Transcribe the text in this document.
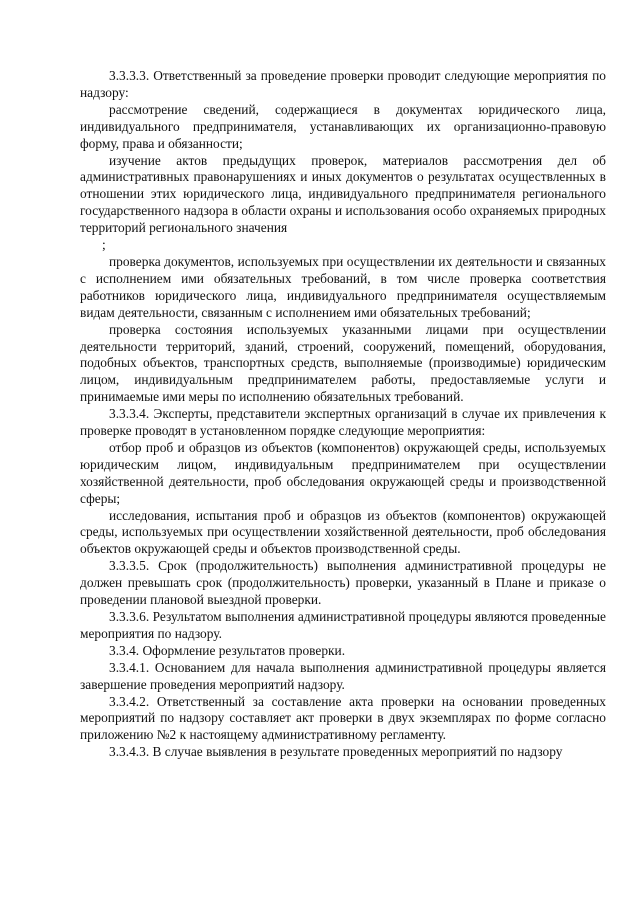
3.3.3.3. Ответственный за проведение проверки проводит следующие мероприятия по надзору:

рассмотрение сведений, содержащиеся в документах юридического лица, индивидуального предпринимателя, устанавливающих их организационно-правовую форму, права и обязанности;

изучение актов предыдущих проверок, материалов рассмотрения дел об административных правонарушениях и иных документов о результатах осуществленных в отношении этих юридического лица, индивидуального предпринимателя регионального государственного надзора в области охраны и использования особо охраняемых природных территорий регионального значения

;

проверка документов, используемых при осуществлении их деятельности и связанных с исполнением ими обязательных требований, в том числе проверка соответствия работников юридического лица, индивидуального предпринимателя осуществляемым видам деятельности, связанным с исполнением ими обязательных требований;

проверка состояния используемых указанными лицами при осуществлении деятельности территорий, зданий, строений, сооружений, помещений, оборудования, подобных объектов, транспортных средств, выполняемые (производимые) юридическим лицом, индивидуальным предпринимателем работы, предоставляемые услуги и принимаемые ими меры по исполнению обязательных требований.

3.3.3.4. Эксперты, представители экспертных организаций в случае их привлечения к проверке проводят в установленном порядке следующие мероприятия:

отбор проб и образцов из объектов (компонентов) окружающей среды, используемых юридическим лицом, индивидуальным предпринимателем при осуществлении хозяйственной деятельности, проб обследования окружающей среды и производственной сферы;

исследования, испытания проб и образцов из объектов (компонентов) окружающей среды, используемых при осуществлении хозяйственной деятельности, проб обследования объектов окружающей среды и объектов производственной среды.

3.3.3.5. Срок (продолжительность) выполнения административной процедуры не должен превышать срок (продолжительность) проверки, указанный в Плане и приказе о проведении плановой выездной проверки.

3.3.3.6. Результатом выполнения административной процедуры являются проведенные мероприятия по надзору.

3.3.4. Оформление результатов проверки.

3.3.4.1. Основанием для начала выполнения административной процедуры является завершение проведения мероприятий надзору.

3.3.4.2. Ответственный за составление акта проверки на основании проведенных мероприятий по надзору составляет акт проверки в двух экземплярах по форме согласно приложению №2 к настоящему административному регламенту.

3.3.4.3. В случае выявления в результате проведенных мероприятий по надзору
